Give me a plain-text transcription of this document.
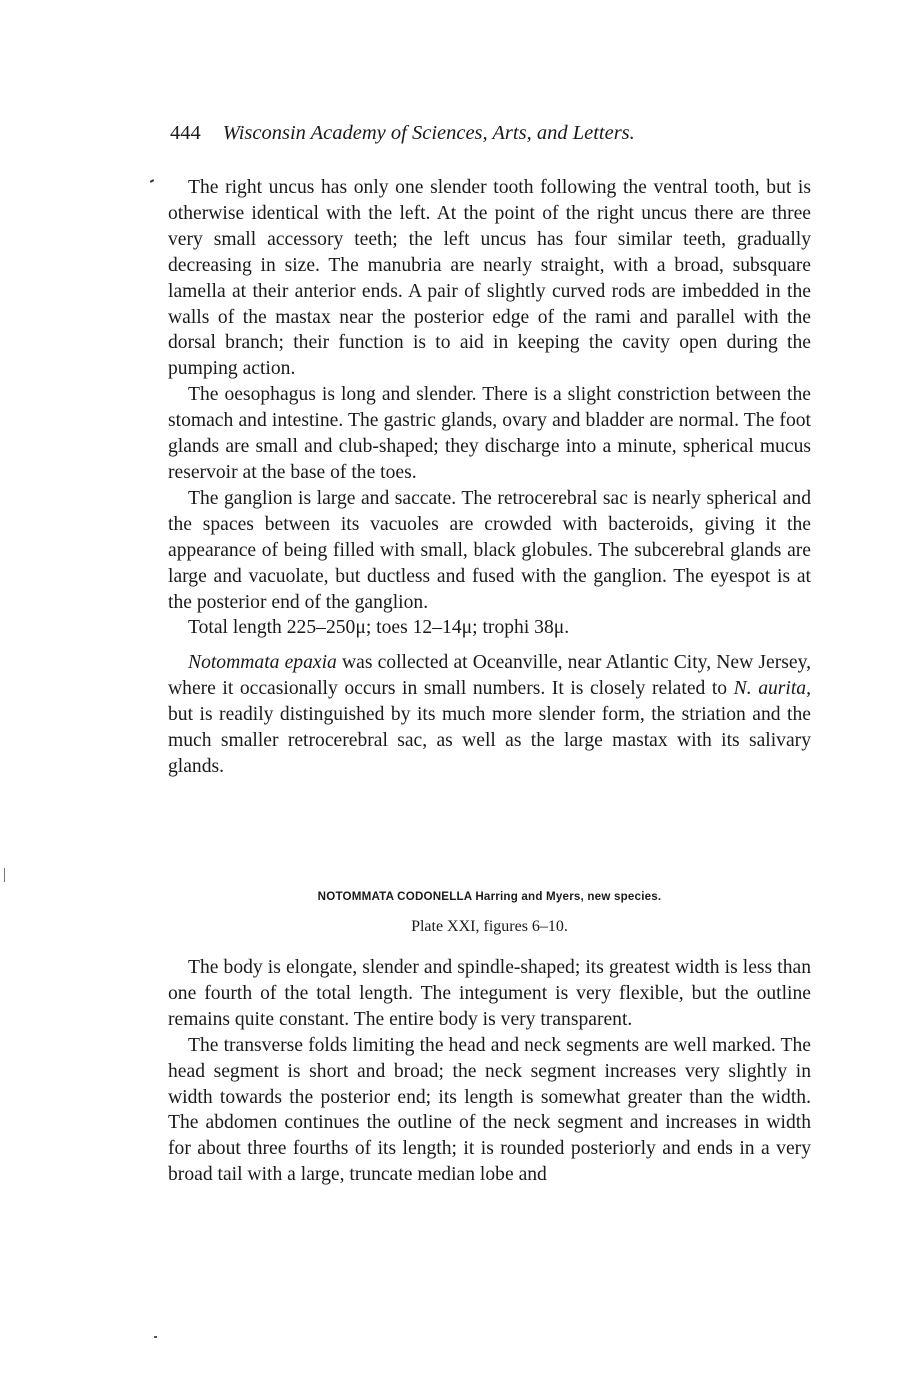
444 Wisconsin Academy of Sciences, Arts, and Letters.

The right uncus has only one slender tooth following the ventral tooth, but is otherwise identical with the left. At the point of the right uncus there are three very small accessory teeth; the left uncus has four similar teeth, gradually decreasing in size. The manubria are nearly straight, with a broad, subsquare lamella at their anterior ends. A pair of slightly curved rods are imbedded in the walls of the mastax near the posterior edge of the rami and parallel with the dorsal branch; their function is to aid in keeping the cavity open during the pumping action.

The oesophagus is long and slender. There is a slight constriction between the stomach and intestine. The gastric glands, ovary and bladder are normal. The foot glands are small and club-shaped; they discharge into a minute, spherical mucus reservoir at the base of the toes.

The ganglion is large and saccate. The retrocerebral sac is nearly spherical and the spaces between its vacuoles are crowded with bacteroids, giving it the appearance of being filled with small, black globules. The subcerebral glands are large and vacuolate, but ductless and fused with the ganglion. The eyespot is at the posterior end of the ganglion.

Total length 225–250μ; toes 12–14μ; trophi 38μ.

Notommata epaxia was collected at Oceanville, near Atlantic City, New Jersey, where it occasionally occurs in small numbers. It is closely related to N. aurita, but is readily distinguished by its much more slender form, the striation and the much smaller retrocerebral sac, as well as the large mastax with its salivary glands.

NOTOMMATA CODONELLA Harring and Myers, new species.
Plate XXI, figures 6–10.

The body is elongate, slender and spindle-shaped; its greatest width is less than one fourth of the total length. The integument is very flexible, but the outline remains quite constant. The entire body is very transparent.

The transverse folds limiting the head and neck segments are well marked. The head segment is short and broad; the neck segment increases very slightly in width towards the posterior end; its length is somewhat greater than the width. The abdomen continues the outline of the neck segment and increases in width for about three fourths of its length; it is rounded posteriorly and ends in a very broad tail with a large, truncate median lobe and
